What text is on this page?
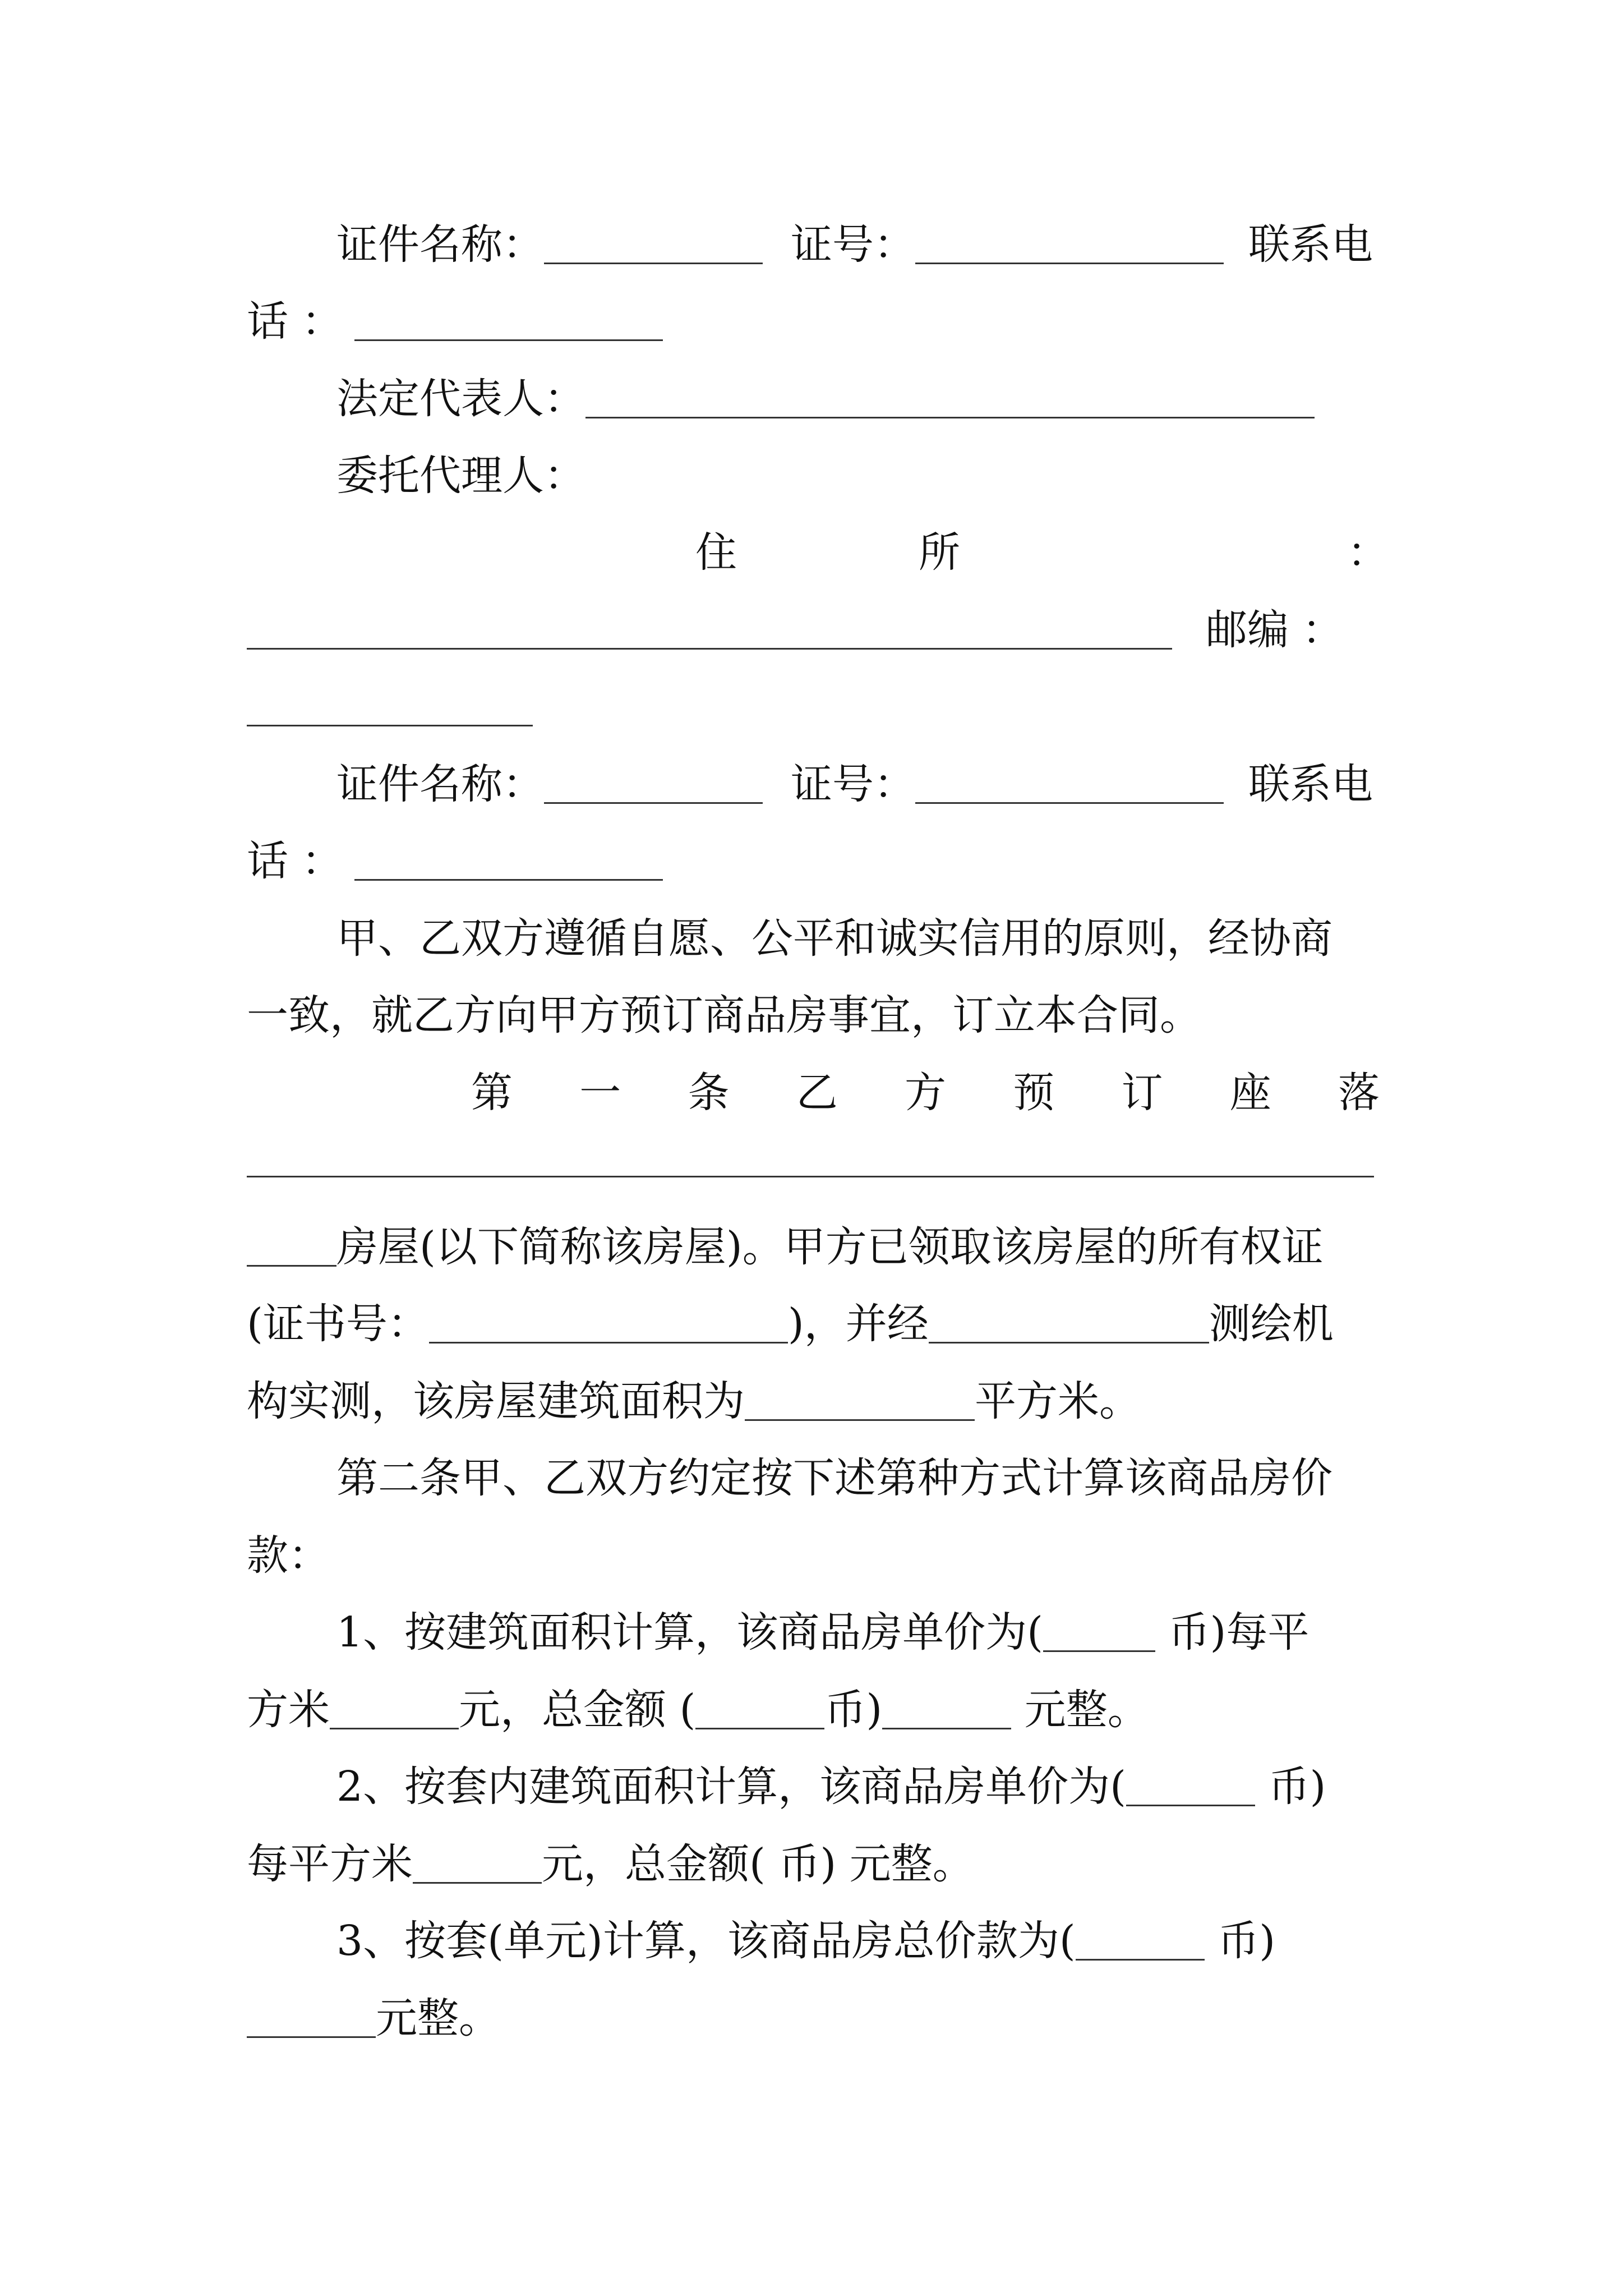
证件名称：	证号：	联系电
话 ：
法定代表人：
委托代理人：
住	所	：
邮编 ：
证件名称：	证号：	联系电
话 ：
甲、乙双方遵循自愿、公平和诚实信用的原则，经协商
一致，就乙方向甲方预订商品房事宜，订立本合同。
第 一 条 乙 方 预 订 座 落
房屋(以下简称该房屋)。甲方已领取该房屋的所有权证
(证书号：	)，并经	测绘机
构实测，该房屋建筑面积为	平方米。
第二条甲、乙双方约定按下述第种方式计算该商品房价
款：
1、按建筑面积计算，该商品房单价为(	币)每平
方米	元，总金额 (	币)	元整。
2、按套内建筑面积计算，该商品房单价为(	币)
每平方米	元，总金额( 币) 元整。
3、按套(单元)计算，该商品房总价款为(	币)
元整。
